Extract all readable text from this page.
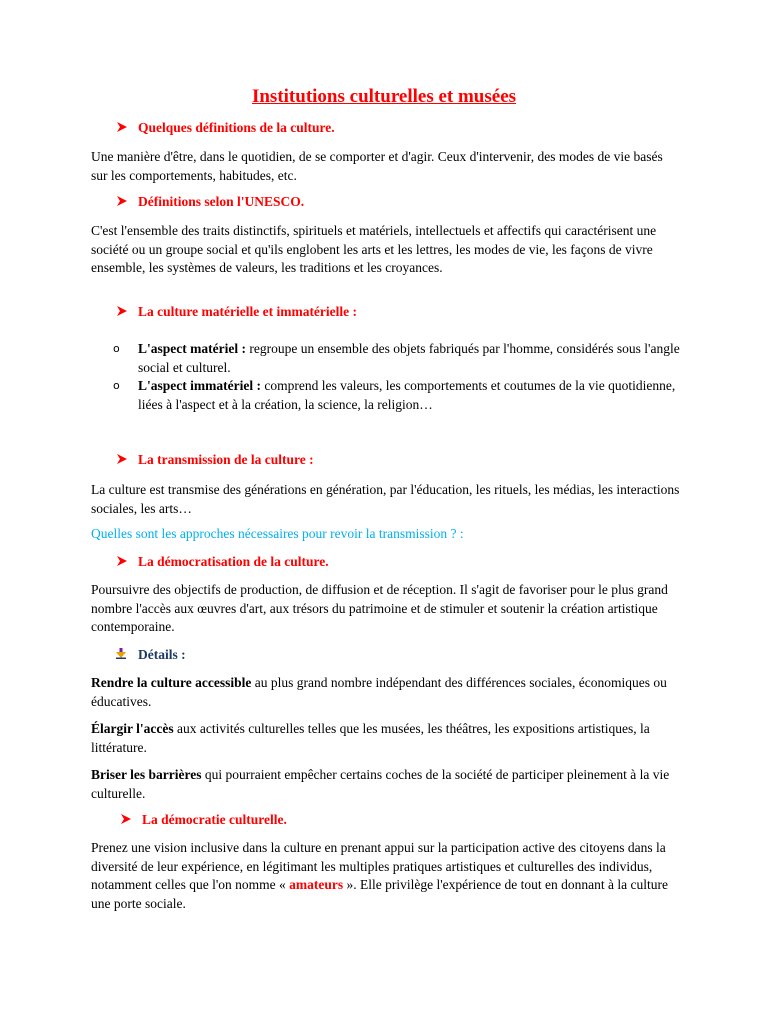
Institutions culturelles et musées
Quelques définitions de la culture.
Une manière d'être, dans le quotidien, de se comporter et d'agir. Ceux d'intervenir, des modes de vie basés sur les comportements, habitudes, etc.
Définitions selon l'UNESCO.
C'est l'ensemble des traits distinctifs, spirituels et matériels, intellectuels et affectifs qui caractérisent une société ou un groupe social et qu'ils englobent les arts et les lettres, les modes de vie, les façons de vivre ensemble, les systèmes de valeurs, les traditions et les croyances.
La culture matérielle et immatérielle :
o L'aspect matériel : regroupe un ensemble des objets fabriqués par l'homme, considérés sous l'angle social et culturel.
o L'aspect immatériel : comprend les valeurs, les comportements et coutumes de la vie quotidienne, liées à l'aspect et à la création, la science, la religion…
La transmission de la culture :
La culture est transmise des générations en génération, par l'éducation, les rituels, les médias, les interactions sociales, les arts…
Quelles sont les approches nécessaires pour revoir la transmission ? :
La démocratisation de la culture.
Poursuivre des objectifs de production, de diffusion et de réception. Il s'agit de favoriser pour le plus grand nombre l'accès aux œuvres d'art, aux trésors du patrimoine et de stimuler et soutenir la création artistique contemporaine.
Détails :
Rendre la culture accessible au plus grand nombre indépendant des différences sociales, économiques ou éducatives.
Élargir l'accès aux activités culturelles telles que les musées, les théâtres, les expositions artistiques, la littérature.
Briser les barrières qui pourraient empêcher certains coches de la société de participer pleinement à la vie culturelle.
La démocratie culturelle.
Prenez une vision inclusive dans la culture en prenant appui sur la participation active des citoyens dans la diversité de leur expérience, en légitimant les multiples pratiques artistiques et culturelles des individus, notamment celles que l'on nomme « amateurs ». Elle privilège l'expérience de tout en donnant à la culture une porte sociale.
